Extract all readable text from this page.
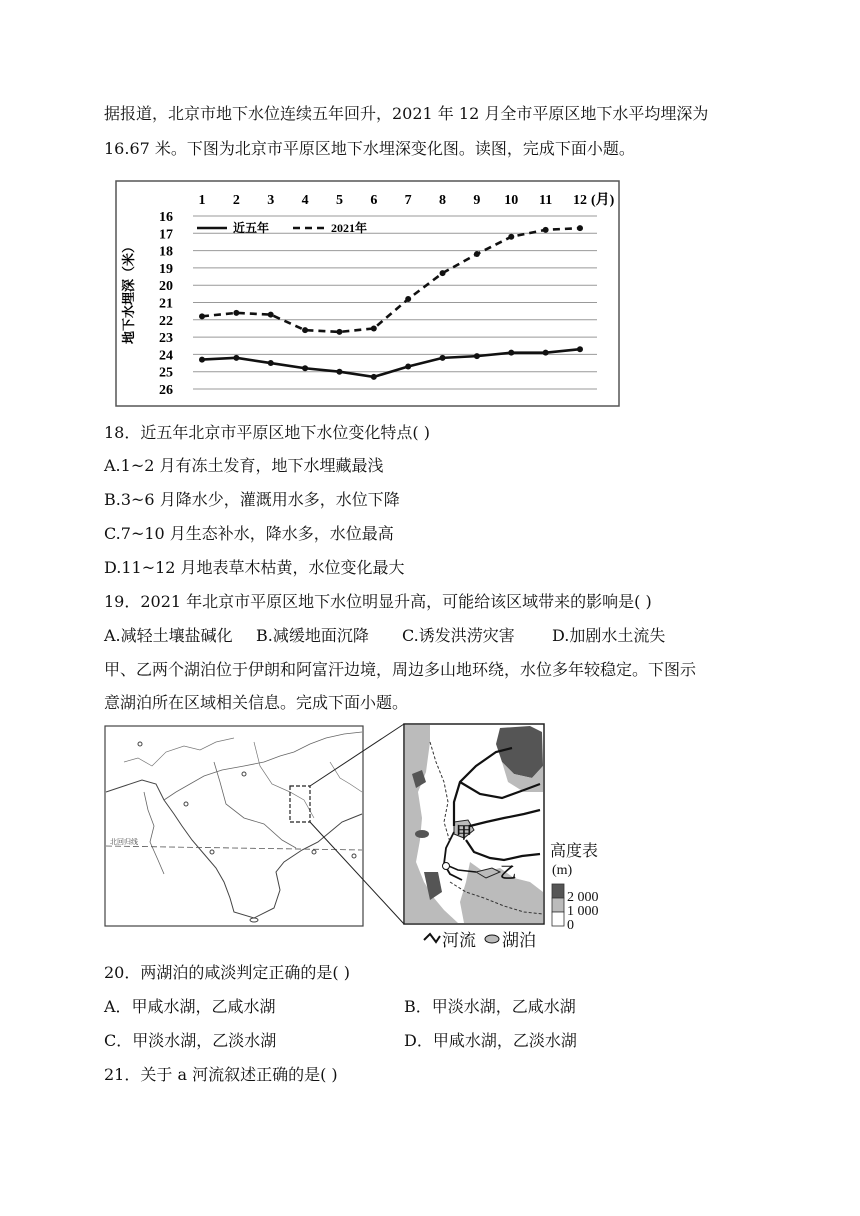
据报道，北京市地下水位连续五年回升，2021 年 12 月全市平原区地下水平均埋深为
16.67 米。下图为北京市平原区地下水埋深变化图。读图，完成下面小题。
16
17
18
19
20
21
22
23
24
25
26
1 2 3 4 5 6 7 8 9 10 11 12
近五年	2021年
地下水埋深（米）
(月)
18．近五年北京市平原区地下水位变化特点( )
A.1~2 月有冻土发育，地下水埋藏最浅
B.3~6 月降水少，灌溉用水多，水位下降
C.7~10 月生态补水，降水多，水位最高
D.11~12 月地表草木枯黄，水位变化最大
19．2021 年北京市平原区地下水位明显升高，可能给该区域带来的影响是( )
A.减轻土壤盐碱化 B.减缓地面沉降 C.诱发洪涝灾害 D.加剧水土流失
甲、乙两个湖泊位于伊朗和阿富汗边境，周边多山地环绕，水位多年较稳定。下图示
意湖泊所在区域相关信息。完成下面小题。
北回归线	甲
乙
高度表
(m)
2 000
1 000
0
河流 湖泊
20．两湖泊的咸淡判定正确的是( )
A．甲咸水湖，乙咸水湖	B．甲淡水湖，乙咸水湖
C．甲淡水湖，乙淡水湖	D．甲咸水湖，乙淡水湖
21．关于 a 河流叙述正确的是( )
